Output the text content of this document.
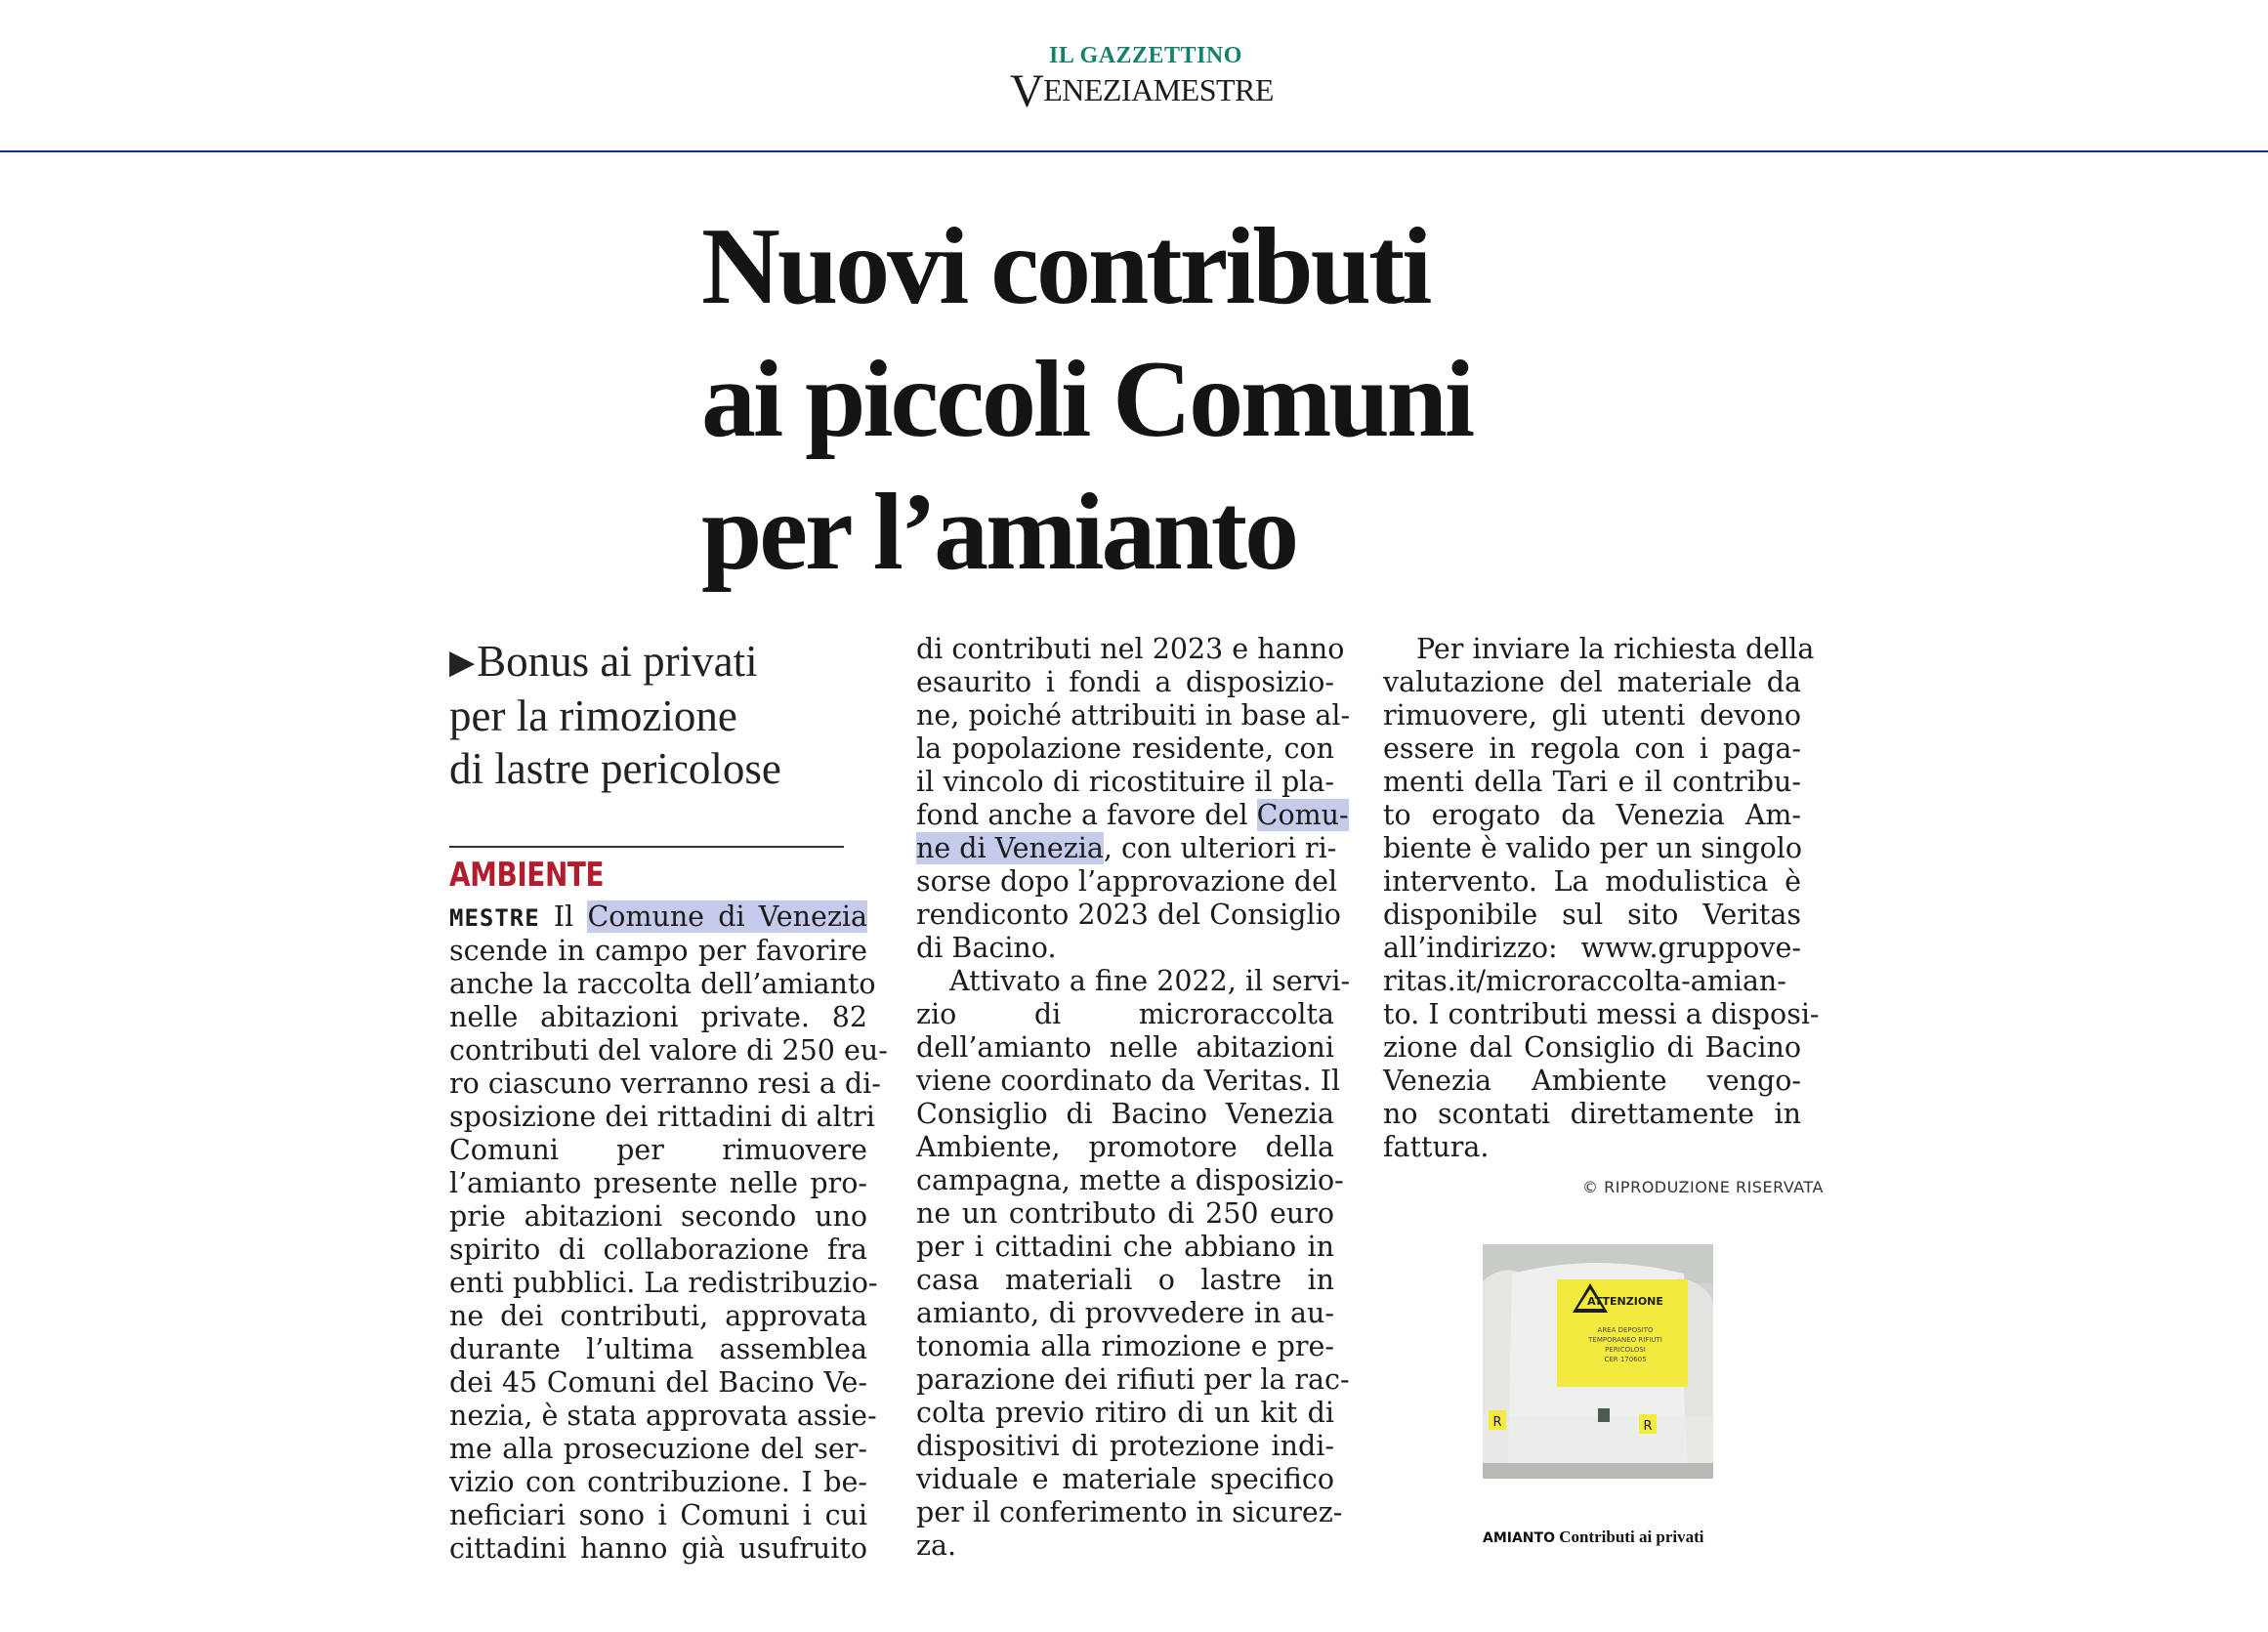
IL GAZZETTINO
VENEZIAMESTRE
Nuovi contributi
ai piccoli Comuni
per l’amianto
▶Bonus ai privati
per la rimozione
di lastre pericolose
AMBIENTE
MESTRE Il Comune di Venezia
scende in campo per favorire
anche la raccolta dell’amianto
nelle abitazioni private. 82
contributi del valore di 250 eu-
ro ciascuno verranno resi a di-
sposizione dei rittadini di altri
Comuni per rimuovere
l’amianto presente nelle pro-
prie abitazioni secondo uno
spirito di collaborazione fra
enti pubblici. La redistribuzio-
ne dei contributi, approvata
durante l’ultima assemblea
dei 45 Comuni del Bacino Ve-
nezia, è stata approvata assie-
me alla prosecuzione del ser-
vizio con contribuzione. I be-
neficiari sono i Comuni i cui
cittadini hanno già usufruito
di contributi nel 2023 e hanno
esaurito i fondi a disposizio-
ne, poiché attribuiti in base al-
la popolazione residente, con
il vincolo di ricostituire il pla-
fond anche a favore del Comu-
ne di Venezia, con ulteriori ri-
sorse dopo l’approvazione del
rendiconto 2023 del Consiglio
di Bacino.
Attivato a fine 2022, il servi-
zio di microraccolta
dell’amianto nelle abitazioni
viene coordinato da Veritas. Il
Consiglio di Bacino Venezia
Ambiente, promotore della
campagna, mette a disposizio-
ne un contributo di 250 euro
per i cittadini che abbiano in
casa materiali o lastre in
amianto, di provvedere in au-
tonomia alla rimozione e pre-
parazione dei rifiuti per la rac-
colta previo ritiro di un kit di
dispositivi di protezione indi-
viduale e materiale specifico
per il conferimento in sicurez-
za.
Per inviare la richiesta della
valutazione del materiale da
rimuovere, gli utenti devono
essere in regola con i paga-
menti della Tari e il contribu-
to erogato da Venezia Am-
biente è valido per un singolo
intervento. La modulistica è
disponibile sul sito Veritas
all’indirizzo: www.gruppove-
ritas.it/microraccolta-amian-
to. I contributi messi a disposi-
zione dal Consiglio di Bacino
Venezia Ambiente vengo-
no scontati direttamente in
fattura.
© RIPRODUZIONE RISERVATA
ATTENZIONE
AREA DEPOSITO
TEMPORANEO RIFIUTI
PERICOLOSI
CER 170605
R	R
AMIANTO Contributi ai privati
